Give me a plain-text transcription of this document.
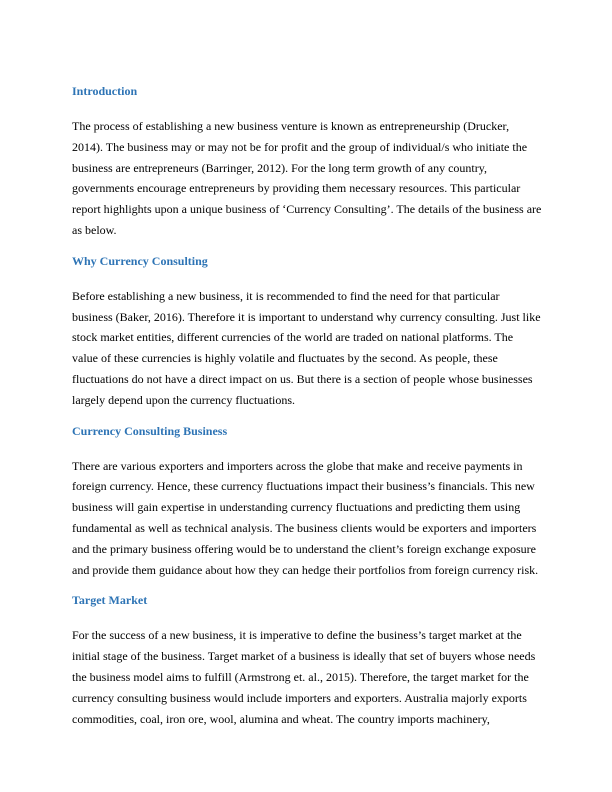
Introduction

The process of establishing a new business venture is known as entrepreneurship (Drucker, 2014). The business may or may not be for profit and the group of individual/s who initiate the business are entrepreneurs (Barringer, 2012). For the long term growth of any country, governments encourage entrepreneurs by providing them necessary resources. This particular report highlights upon a unique business of ‘Currency Consulting’. The details of the business are as below.

Why Currency Consulting

Before establishing a new business, it is recommended to find the need for that particular business (Baker, 2016). Therefore it is important to understand why currency consulting. Just like stock market entities, different currencies of the world are traded on national platforms. The value of these currencies is highly volatile and fluctuates by the second. As people, these fluctuations do not have a direct impact on us. But there is a section of people whose businesses largely depend upon the currency fluctuations.

Currency Consulting Business

There are various exporters and importers across the globe that make and receive payments in foreign currency. Hence, these currency fluctuations impact their business’s financials. This new business will gain expertise in understanding currency fluctuations and predicting them using fundamental as well as technical analysis. The business clients would be exporters and importers and the primary business offering would be to understand the client’s foreign exchange exposure and provide them guidance about how they can hedge their portfolios from foreign currency risk.

Target Market

For the success of a new business, it is imperative to define the business’s target market at the initial stage of the business. Target market of a business is ideally that set of buyers whose needs the business model aims to fulfill (Armstrong et. al., 2015). Therefore, the target market for the currency consulting business would include importers and exporters. Australia majorly exports commodities, coal, iron ore, wool, alumina and wheat. The country imports machinery,
